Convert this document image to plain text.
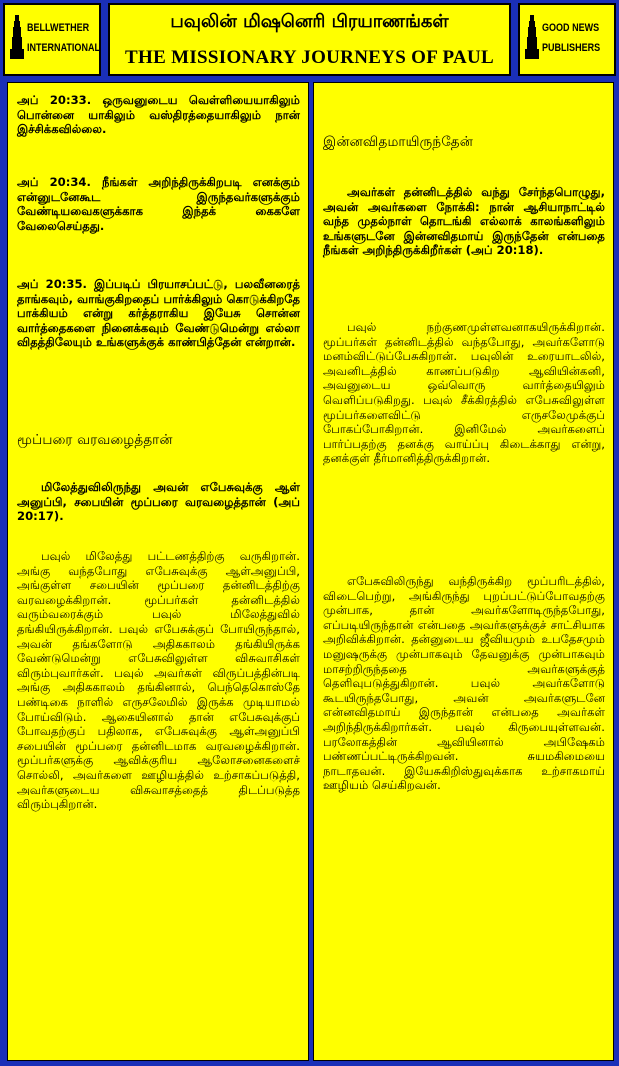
BELLWETHER
INTERNATIONAL
பவுலின் மிஷனெரி பிரயாணங்கள்
THE MISSIONARY JOURNEYS OF PAUL
GOOD NEWS
PUBLISHERS
அப் 20:33. ஒருவனுடைய வெள்ளியையாகிலும் பொன்னை யாகிலும் வஸ்திரத்தையாகிலும் நான் இச்சிக்கவில்லை.
அப் 20:34. நீங்கள் அறிந்திருக்கிறபடி எனக்கும் என்னுடனேகூட இருந்தவர்களுக்கும் வேண்டியவைகளுக்காக இந்தக் கைகளே வேலைசெய்தது.
அப் 20:35. இப்படிப் பிரயாசப்பட்டு, பலவீனரைத் தாங்கவும், வாங்குகிறதைப் பார்க்கிலும் கொடுக்கிறதே பாக்கியம் என்று கர்த்தராகிய இயேசு சொன்ன வார்த்தைகளை நினைக்கவும் வேண்டுமென்று எல்லா விதத்திலேயும் உங்களுக்குக் காண்பித்தேன் என்றான்.
மூப்பரை வரவழைத்தான்
மிலேத்துவிலிருந்து அவன் எபேசுவுக்கு ஆள் அனுப்பி, சபையின் மூப்பரை வரவழைத்தான் (அப் 20:17).
பவுல் மிலேத்து பட்டணத்திற்கு வருகிறான். அங்கு வந்தபோது எபேசுவுக்கு ஆள்அனுப்பி, அங்குள்ள சபையின் மூப்பரை தன்னிடத்திற்கு வரவழைக்கிறான். மூப்பர்கள் தன்னிடத்தில் வரும்வரைக்கும் பவுல் மிலேத்துவில் தங்கியிருக்கிறான். பவுல் எபேசுக்குப் போயிருந்தால், அவன் தங்களோடு அதிககாலம் தங்கியிருக்க வேண்டுமென்று எபேசுவிலுள்ள விசுவாசிகள் விரும்புவார்கள். பவுல் அவர்கள் விருப்பத்தின்படி அங்கு அதிககாலம் தங்கினால், பெந்தெகொஸ்தே பண்டிகை நாளில் எருசலேமில் இருக்க முடியாமல் போய்விடும். ஆகையினால் தான் எபேசுவுக்குப் போவதற்குப் பதிலாக, எபேசுவுக்கு ஆள்அனுப்பி சபையின் மூப்பரை தன்னிடமாக வரவழைக்கிறான். மூப்பர்களுக்கு ஆவிக்குரிய ஆலோசனைகளைச் சொல்லி, அவர்களை ஊழியத்தில் உற்சாகப்படுத்தி, அவர்களுடைய விசுவாசத்தைத் திடப்படுத்த விரும்புகிறான்.
இன்னவிதமாயிருந்தேன்
அவர்கள் தன்னிடத்தில் வந்து சேர்ந்தபொழுது, அவன் அவர்களை நோக்கி: நான் ஆசியாநாட்டில் வந்த முதல்நாள் தொடங்கி எல்லாக் காலங்களிலும் உங்களுடனே இன்னவிதமாய் இருந்தேன் என்பதை நீங்கள் அறிந்திருக்கிறீர்கள் (அப் 20:18).
பவுல் நற்குணமுள்ளவனாகயிருக்கிறான். மூப்பர்கள் தன்னிடத்தில் வந்தபோது, அவர்களோடு மனம்விட்டுப்பேசுகிறான். பவுலின் உரையாடலில், அவனிடத்தில் காணப்படுகிற ஆவியின்கனி, அவனுடைய ஒவ்வொரு வார்த்தையிலும் வெளிப்படுகிறது. பவுல் சீக்கிரத்தில் எபேசுவிலுள்ள மூப்பர்களைவிட்டு எருசலேமுக்குப் போகப்போகிறான். இனிமேல் அவர்களைப் பார்ப்பதற்கு தனக்கு வாய்ப்பு கிடைக்காது என்று, தனக்குள் தீர்மானித்திருக்கிறான்.
எபேசுவிலிருந்து வந்திருக்கிற மூப்பரிடத்தில், விடைபெற்று, அங்கிருந்து புறப்பட்டுப்போவதற்கு முன்பாக, தான் அவர்களோடிருந்தபோது, எப்படியிருந்தான் என்பதை அவர்களுக்குச் சாட்சியாக அறிவிக்கிறான். தன்னுடைய ஜீவியமும் உபதேசமும் மனுஷருக்கு முன்பாகவும் தேவனுக்கு முன்பாகவும் மாசற்றிருந்ததை அவர்களுக்குத் தெளிவுபடுத்துகிறான். பவுல் அவர்களோடு கூடயிருந்தபோது, அவன் அவர்களுடனே என்னவிதமாய் இருந்தான் என்பதை அவர்கள் அறிந்திருக்கிறார்கள். பவுல் கிருபையுள்ளவன். பரலோகத்தின் ஆவியினால் அபிஷேகம் பண்ணப்பட்டிருக்கிறவன். சுயமகிமையை நாடாதவன். இயேசுகிறிஸ்துவுக்காக உற்சாகமாய் ஊழியம் செய்கிறவன்.
